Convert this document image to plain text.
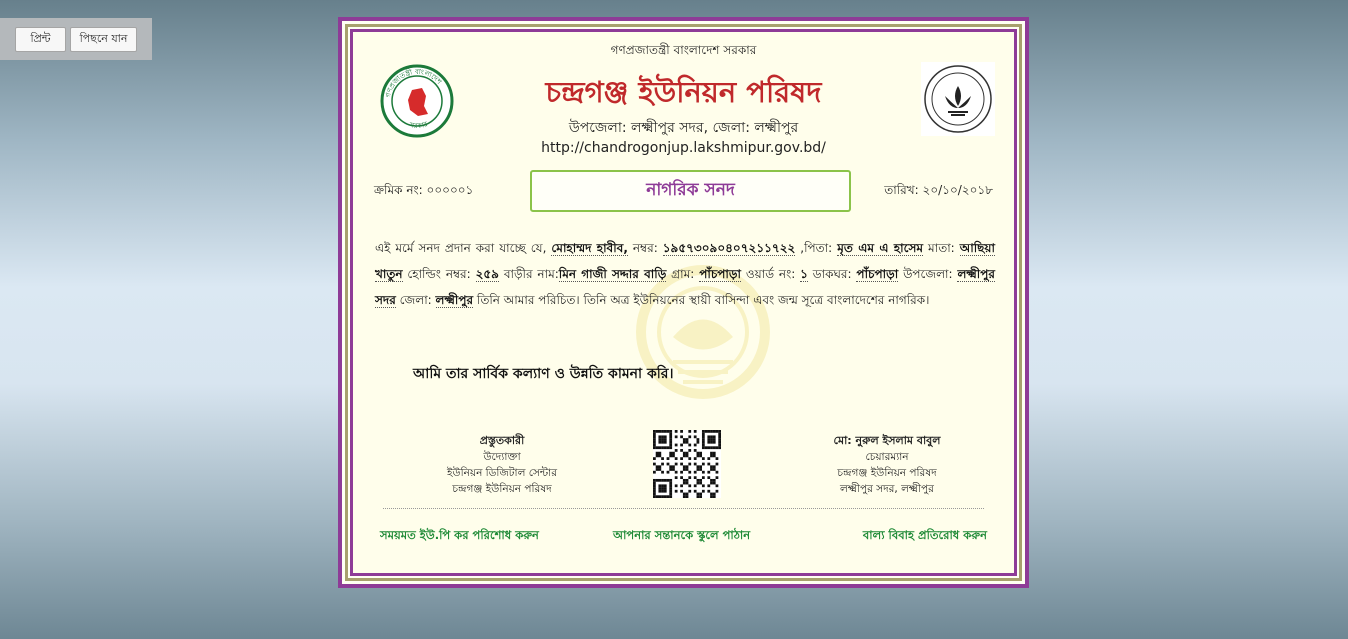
প্রিন্ট	পিছনে যান
গণপ্রজাতন্ত্রী বাংলাদেশ সরকার
চন্দ্রগঞ্জ ইউনিয়ন পরিষদ
উপজেলা: লক্ষ্মীপুর সদর, জেলা: লক্ষ্মীপুর
http://chandrogonjup.lakshmipur.gov.bd/
গণপ্রজাতন্ত্রী বাংলাদেশ
সরকার
ক্রমিক নং: ০০০০০১	নাগরিক সনদ	তারিখ: ২০/১০/২০১৮
এই মর্মে সনদ প্রদান করা যাচ্ছে যে, মোহাম্মদ হাবীব, নম্বর: ১৯৫৭৩০৯০৪০৭২১১৭২২ ,পিতা: মৃত এম এ হাসেম মাতা: আছিয়া খাতুন হোল্ডিং নম্বর: ২৫৯ বাড়ীর নাম:মিন গাজী সদ্দার বাড়ি গ্রাম: পাঁচপাড়া ওয়ার্ড নং: ১ ডাকঘর: পাঁচপাড়া উপজেলা: লক্ষ্মীপুর সদর জেলা: লক্ষ্মীপুর তিনি আমার পরিচিত। তিনি অত্র ইউনিয়নের স্থায়ী বাসিন্দা এবং জন্ম সূত্রে বাংলাদেশের নাগরিক।
আমি তার সার্বিক কল্যাণ ও উন্নতি কামনা করি।
প্রস্তুতকারী
উদ্যোক্তা
ইউনিয়ন ডিজিটাল সেন্টার
চন্দ্রগঞ্জ ইউনিয়ন পরিষদ
মো: নুরুল ইসলাম বাবুল
চেয়ারম্যান
চন্দ্রগঞ্জ ইউনিয়ন পরিষদ
লক্ষ্মীপুর সদর, লক্ষ্মীপুর
সময়মত ইউ.পি কর পরিশোধ করুন	আপনার সন্তানকে স্কুলে পাঠান	বাল্য বিবাহ প্রতিরোধ করুন
